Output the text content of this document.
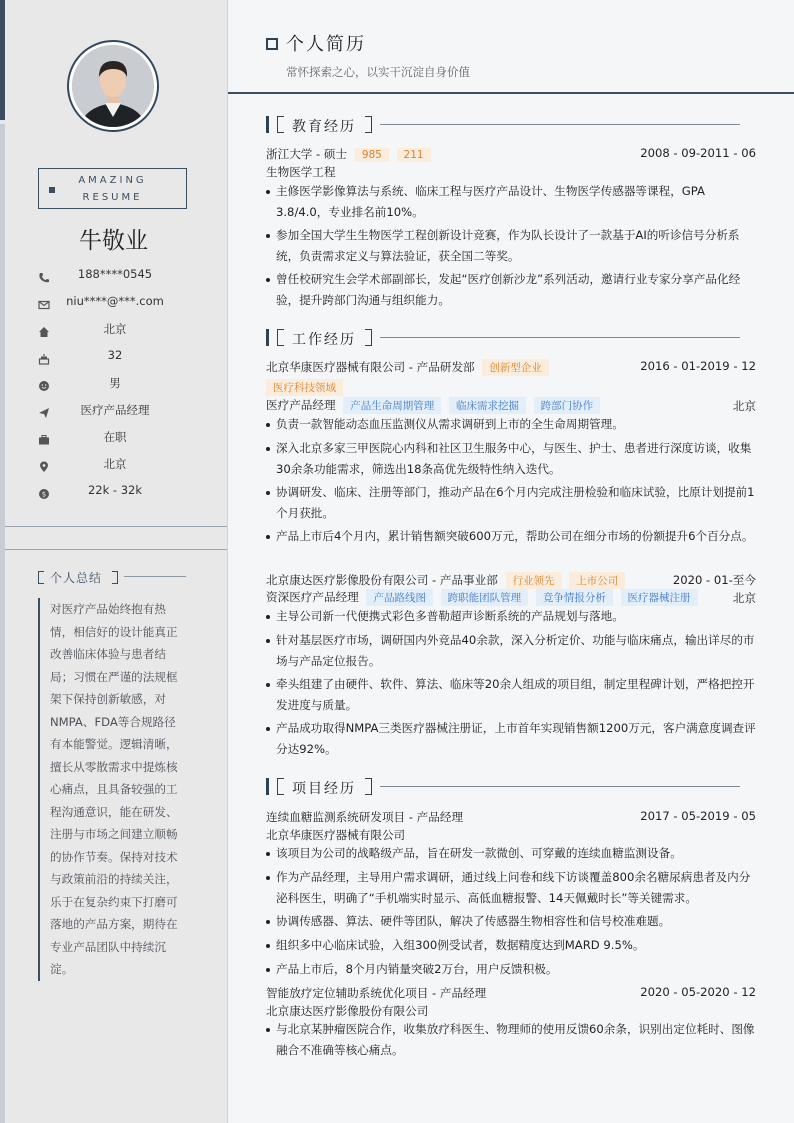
AMAZING
RESUME
牛敬业
188****0545
niu****@***.com
北京
32
男
医疗产品经理
在职
北京
$	22k - 32k
个人总结
对医疗产品始终抱有热情，相信好的设计能真正改善临床体验与患者结局；习惯在严谨的法规框架下保持创新敏感，对NMPA、FDA等合规路径有本能警觉。逻辑清晰，擅长从零散需求中提炼核心痛点，且具备较强的工程沟通意识，能在研发、注册与市场之间建立顺畅的协作节奏。保持对技术与政策前沿的持续关注，乐于在复杂约束下打磨可落地的产品方案，期待在专业产品团队中持续沉淀。
个人简历
常怀探索之心，以实干沉淀自身价值
教育经历
浙江大学 - 硕士 985 211	2008 - 09-2011 - 06
生物医学工程
主修医学影像算法与系统、临床工程与医疗产品设计、生物医学传感器等课程，GPA 3.8/4.0，专业排名前10%。
参加全国大学生生物医学工程创新设计竞赛，作为队长设计了一款基于AI的听诊信号分析系统，负责需求定义与算法验证，获全国二等奖。
曾任校研究生会学术部副部长，发起“医疗创新沙龙”系列活动，邀请行业专家分享产品化经验，提升跨部门沟通与组织能力。
工作经历
北京华康医疗器械有限公司 - 产品研发部 创新型企业	2016 - 01-2019 - 12
医疗科技领域
医疗产品经理 产品生命周期管理 临床需求挖掘 跨部门协作	北京
负责一款智能动态血压监测仪从需求调研到上市的全生命周期管理。
深入北京多家三甲医院心内科和社区卫生服务中心，与医生、护士、患者进行深度访谈，收集30余条功能需求，筛选出18条高优先级特性纳入迭代。
协调研发、临床、注册等部门，推动产品在6个月内完成注册检验和临床试验，比原计划提前1个月获批。
产品上市后4个月内，累计销售额突破600万元，帮助公司在细分市场的份额提升6个百分点。
北京康达医疗影像股份有限公司 - 产品事业部 行业领先 上市公司	2020 - 01-至今
资深医疗产品经理 产品路线图 跨职能团队管理 竞争情报分析 医疗器械注册	北京
主导公司新一代便携式彩色多普勒超声诊断系统的产品规划与落地。
针对基层医疗市场，调研国内外竞品40余款，深入分析定价、功能与临床痛点，输出详尽的市场与产品定位报告。
牵头组建了由硬件、软件、算法、临床等20余人组成的项目组，制定里程碑计划，严格把控开发进度与质量。
产品成功取得NMPA三类医疗器械注册证，上市首年实现销售额1200万元，客户满意度调查评分达92%。
项目经历
连续血糖监测系统研发项目 - 产品经理	2017 - 05-2019 - 05
北京华康医疗器械有限公司
该项目为公司的战略级产品，旨在研发一款微创、可穿戴的连续血糖监测设备。
作为产品经理，主导用户需求调研，通过线上问卷和线下访谈覆盖800余名糖尿病患者及内分泌科医生，明确了“手机端实时显示、高低血糖报警、14天佩戴时长”等关键需求。
协调传感器、算法、硬件等团队，解决了传感器生物相容性和信号校准难题。
组织多中心临床试验，入组300例受试者，数据精度达到MARD 9.5%。
产品上市后，8个月内销量突破2万台，用户反馈积极。
智能放疗定位辅助系统优化项目 - 产品经理	2020 - 05-2020 - 12
北京康达医疗影像股份有限公司
与北京某肿瘤医院合作，收集放疗科医生、物理师的使用反馈60余条，识别出定位耗时、图像融合不准确等核心痛点。
